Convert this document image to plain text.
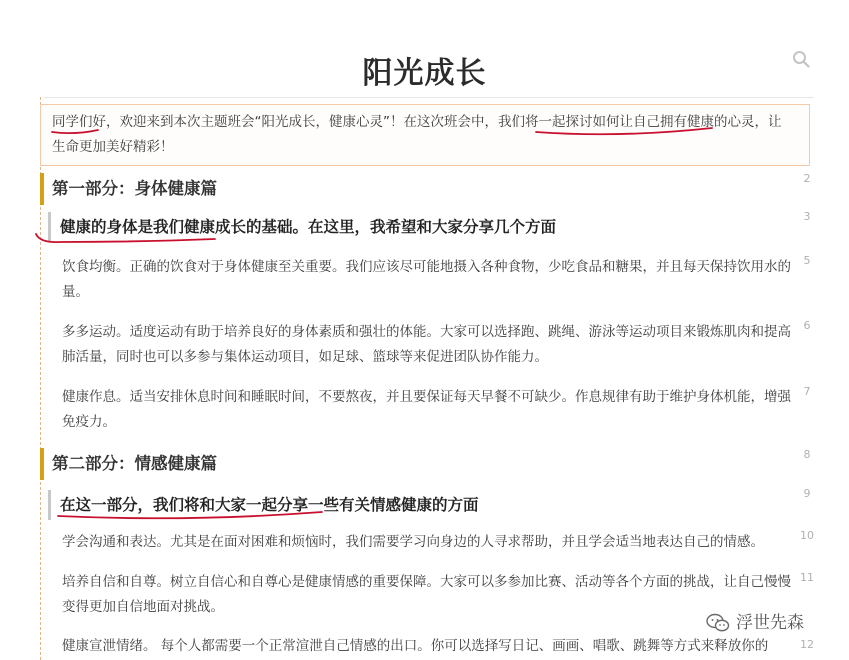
阳光成长
2
3
5
6
7
8
9
10
11
12
同学们好，欢迎来到本次主题班会“阳光成长，健康心灵”！在这次班会中，我们将一起探讨如何让自己拥有健康的心灵，让生命更加美好精彩！
第一部分：身体健康篇
健康的身体是我们健康成长的基础。在这里，我希望和大家分享几个方面
饮食均衡。正确的饮食对于身体健康至关重要。我们应该尽可能地摄入各种食物，少吃食品和糖果，并且每天保持饮用水的量。
多多运动。适度运动有助于培养良好的身体素质和强壮的体能。大家可以选择跑、跳绳、游泳等运动项目来锻炼肌肉和提高肺活量，同时也可以多参与集体运动项目，如足球、篮球等来促进团队协作能力。
健康作息。适当安排休息时间和睡眠时间，不要熬夜，并且要保证每天早餐不可缺少。作息规律有助于维护身体机能，增强免疫力。
第二部分：情感健康篇
在这一部分，我们将和大家一起分享一些有关情感健康的方面
学会沟通和表达。尤其是在面对困难和烦恼时，我们需要学习向身边的人寻求帮助，并且学会适当地表达自己的情感。
培养自信和自尊。树立自信心和自尊心是健康情感的重要保障。大家可以多参加比赛、活动等各个方面的挑战，让自己慢慢变得更加自信地面对挑战。
健康宣泄情绪。 每个人都需要一个正常渲泄自己情感的出口。你可以选择写日记、画画、唱歌、跳舞等方式来释放你的
浮世先森
